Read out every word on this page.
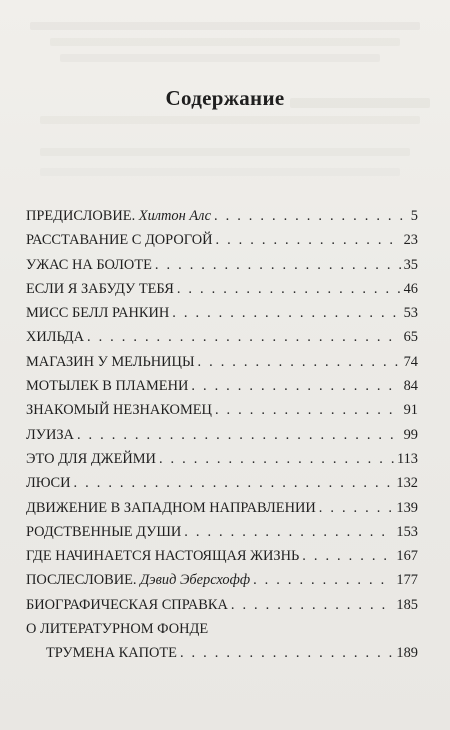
Содержание
ПРЕДИСЛОВИЕ. Хилтон Алс . . .	5
РАССТАВАНИЕ С ДОРОГОЙ . . .	23
УЖАС НА БОЛОТЕ . . .	35
ЕСЛИ Я ЗАБУДУ ТЕБЯ . . .	46
МИСС БЕЛЛ РАНКИН . . .	53
ХИЛЬДА . . .	65
МАГАЗИН У МЕЛЬНИЦЫ . . .	74
МОТЫЛЕК В ПЛАМЕНИ . . .	84
ЗНАКОМЫЙ НЕЗНАКОМЕЦ . . .	91
ЛУИЗА . . .	99
ЭТО ДЛЯ ДЖЕЙМИ . . .	113
ЛЮСИ . . .	132
ДВИЖЕНИЕ В ЗАПАДНОМ НАПРАВЛЕНИИ . . .	139
РОДСТВЕННЫЕ ДУШИ . . .	153
ГДЕ НАЧИНАЕТСЯ НАСТОЯЩАЯ ЖИЗНЬ . . .	167
ПОСЛЕСЛОВИЕ. Дэвид Эберсхофф . . .	177
БИОГРАФИЧЕСКАЯ СПРАВКА . . .	185
О ЛИТЕРАТУРНОМ ФОНДЕ
ТРУМЕНА КАПОТЕ . . .	189
